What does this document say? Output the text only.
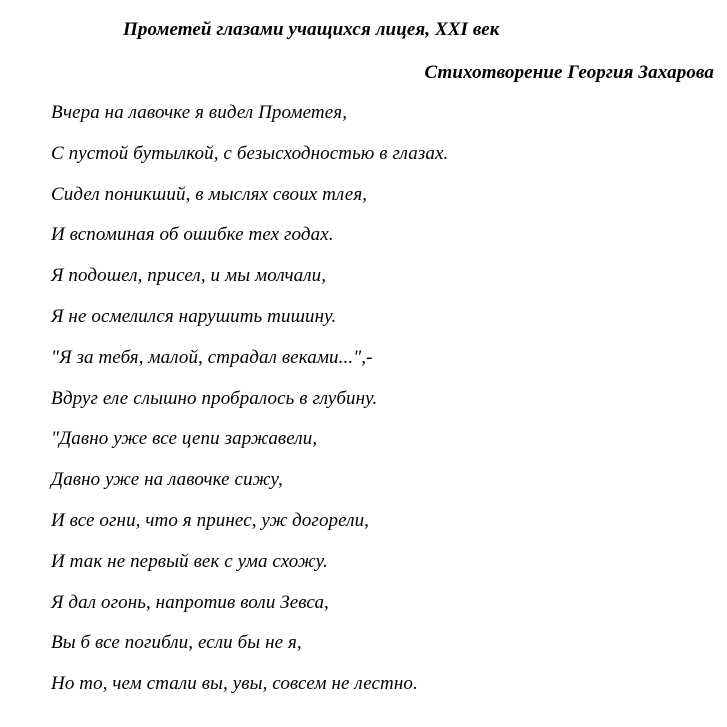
Прометей глазами учащихся лицея, XXI век
Стихотворение Георгия Захарова
Вчера на лавочке я видел Прометея,
С пустой бутылкой, с безысходностью в глазах.
Сидел поникший, в мыслях своих тлея,
И вспоминая об ошибке тех годах.
Я подошел, присел, и мы молчали,
Я не осмелился нарушить тишину.
"Я за тебя, малой, страдал веками...",-
Вдруг еле слышно пробралось в глубину.
"Давно уже все цепи заржавели,
Давно уже на лавочке сижу,
И все огни, что я принес, уж догорели,
И так не первый век с ума схожу.
Я дал огонь, напротив воли Зевса,
Вы б все погибли, если бы не я,
Но то, чем стали вы, увы, совсем не лестно.
